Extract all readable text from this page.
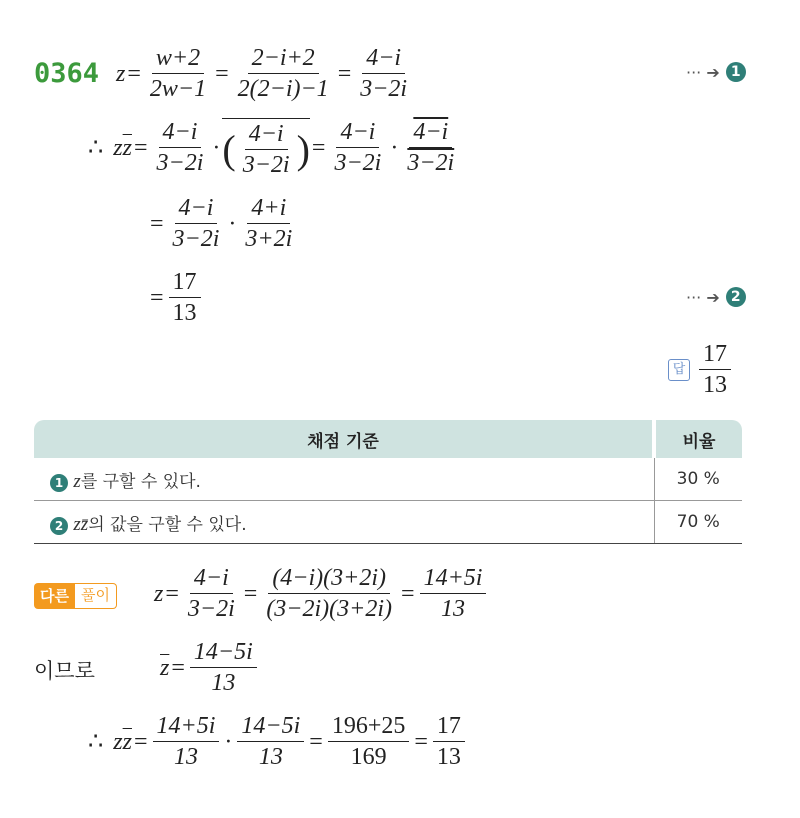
0364 $z = \frac{w+2}{2w-1} = \frac{2-i+2}{2(2-i)-1} = \frac{4-i}{3-2i}$	··· ➔ 1
∴ z $\overline{z} = \frac{4-i}{3-2i}$ · ( $\frac{4-i}{3-2i}$ ) = $\frac{4-i}{3-2i} \cdot \frac{4-i}{3-2i}$
= $\frac{4-i}{3-2i} \cdot \frac{4+i}{3+2i}$
= $\frac{17}{13}$	··· ➔ 2
답 $\frac{17}{13}$
채점 기준	비율
1 z를 구할 수 있다.	30 %
2 zz̄의 값을 구할 수 있다.	70 %
다른 풀이 $z = \frac{4-i}{3-2i} = \frac{(4-i)(3+2i)}{(3-2i)(3+2i)} = \frac{14+5i}{13}$
이므로	$\overline{z} = \frac{14-5i}{13}$
∴ z $\overline{z} = \frac{14+5i}{13} \cdot \frac{14-5i}{13} = \frac{196+25}{169} = \frac{17}{13}$
